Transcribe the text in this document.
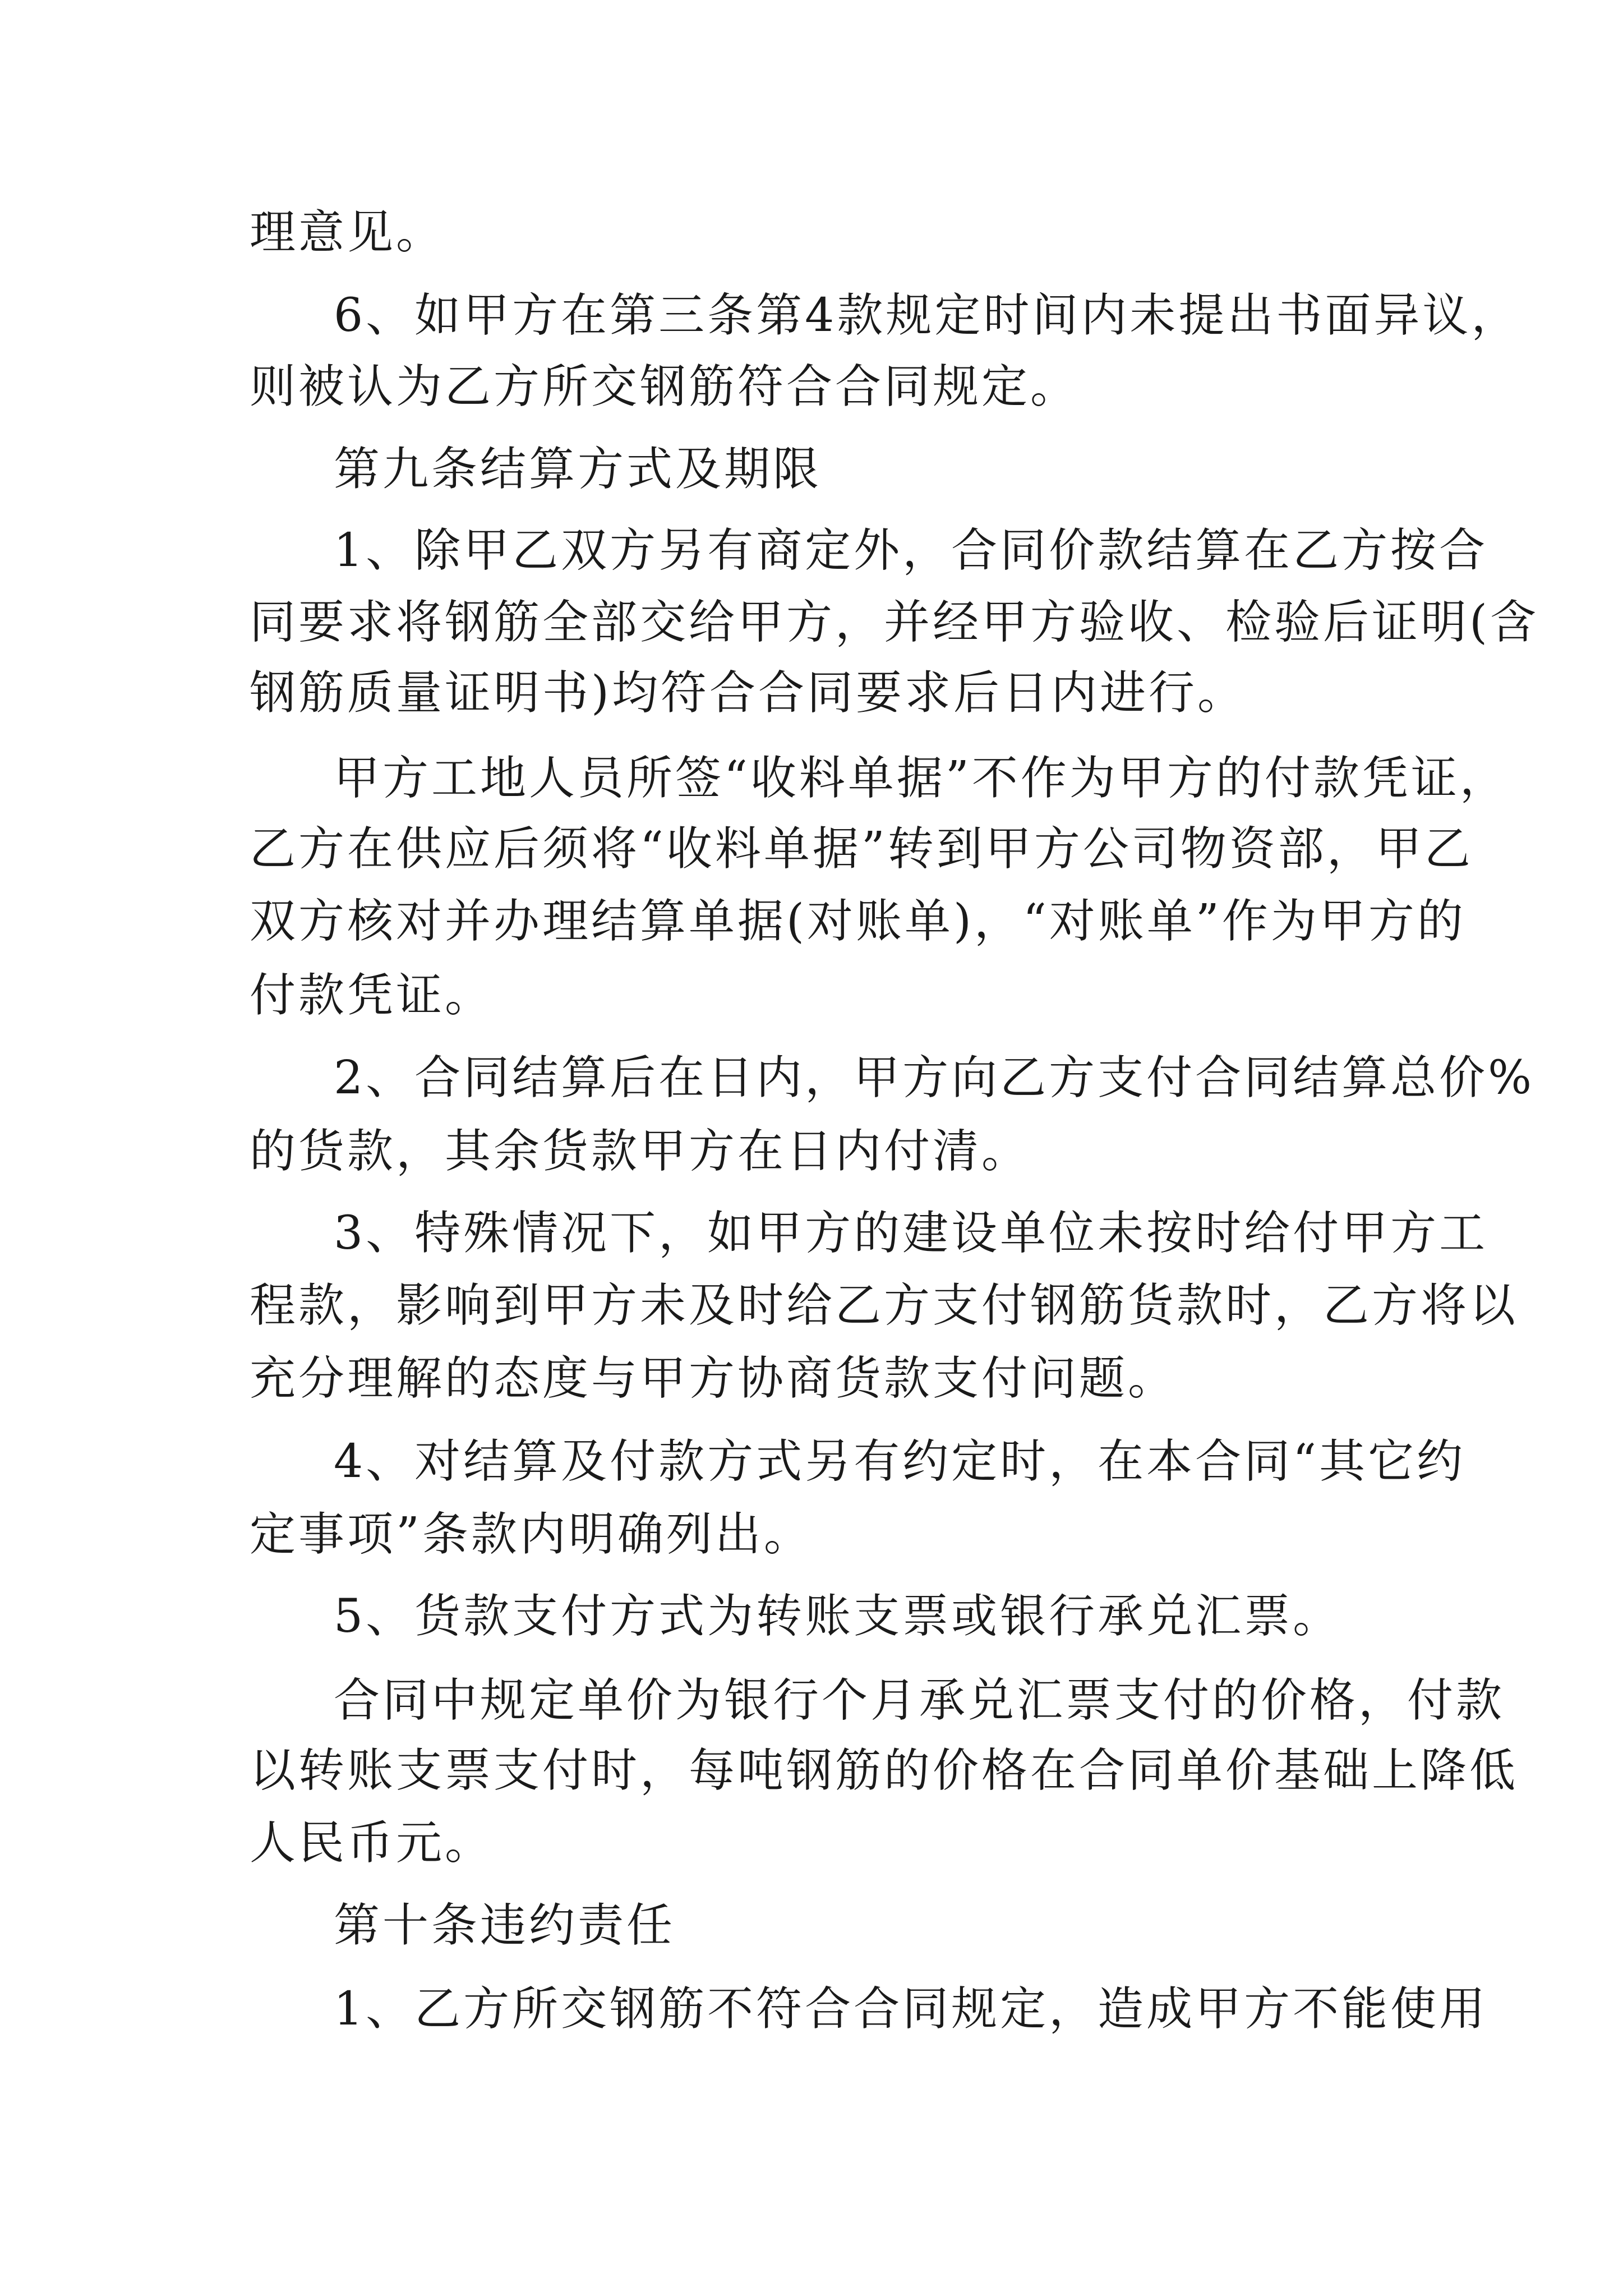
理意见。

6、如甲方在第三条第4款规定时间内未提出书面异议，

则被认为乙方所交钢筋符合合同规定。

第九条结算方式及期限

1、除甲乙双方另有商定外，合同价款结算在乙方按合

同要求将钢筋全部交给甲方，并经甲方验收、检验后证明(含

钢筋质量证明书)均符合合同要求后日内进行。

甲方工地人员所签“收料单据”不作为甲方的付款凭证，

乙方在供应后须将“收料单据”转到甲方公司物资部，甲乙

双方核对并办理结算单据(对账单)，“对账单”作为甲方的

付款凭证。

2、合同结算后在日内，甲方向乙方支付合同结算总价%

的货款，其余货款甲方在日内付清。

3、特殊情况下，如甲方的建设单位未按时给付甲方工

程款，影响到甲方未及时给乙方支付钢筋货款时，乙方将以

充分理解的态度与甲方协商货款支付问题。

4、对结算及付款方式另有约定时，在本合同“其它约

定事项”条款内明确列出。

5、货款支付方式为转账支票或银行承兑汇票。

合同中规定单价为银行个月承兑汇票支付的价格，付款

以转账支票支付时，每吨钢筋的价格在合同单价基础上降低

人民币元。

第十条违约责任

1、乙方所交钢筋不符合合同规定，造成甲方不能使用
